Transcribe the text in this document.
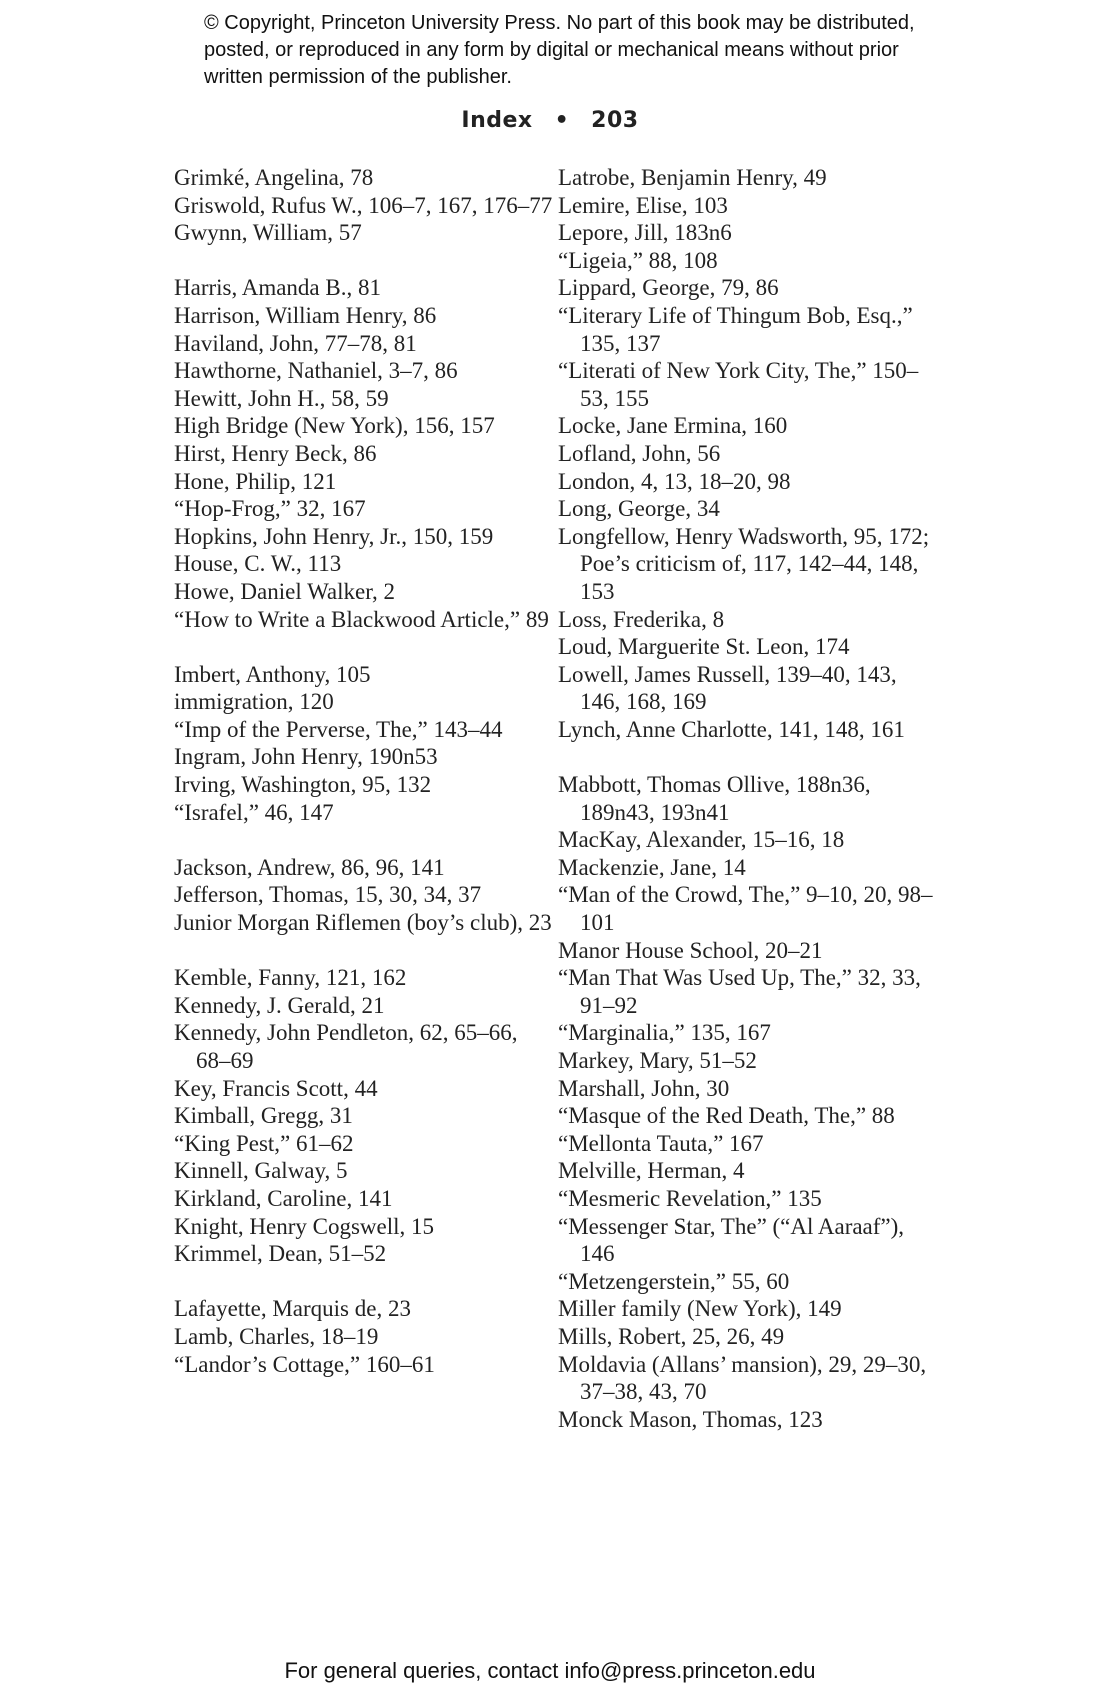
© Copyright, Princeton University Press. No part of this book may be distributed, posted, or reproduced in any form by digital or mechanical means without prior written permission of the publisher.
Index • 203

Grimké, Angelina, 78

Griswold, Rufus W., 106–7, 167, 176–77

Gwynn, William, 57

Harris, Amanda B., 81

Harrison, William Henry, 86

Haviland, John, 77–78, 81

Hawthorne, Nathaniel, 3–7, 86

Hewitt, John H., 58, 59

High Bridge (New York), 156, 157

Hirst, Henry Beck, 86

Hone, Philip, 121

“Hop-Frog,” 32, 167

Hopkins, John Henry, Jr., 150, 159

House, C. W., 113

Howe, Daniel Walker, 2

“How to Write a Blackwood Article,” 89

Imbert, Anthony, 105

immigration, 120

“Imp of the Perverse, The,” 143–44

Ingram, John Henry, 190n53

Irving, Washington, 95, 132

“Israfel,” 46, 147

Jackson, Andrew, 86, 96, 141

Jefferson, Thomas, 15, 30, 34, 37

Junior Morgan Riflemen (boy’s club), 23

Kemble, Fanny, 121, 162

Kennedy, J. Gerald, 21

Kennedy, John Pendleton, 62, 65–66, 68–69

Key, Francis Scott, 44

Kimball, Gregg, 31

“King Pest,” 61–62

Kinnell, Galway, 5

Kirkland, Caroline, 141

Knight, Henry Cogswell, 15

Krimmel, Dean, 51–52

Lafayette, Marquis de, 23

Lamb, Charles, 18–19

“Landor’s Cottage,” 160–61

Latrobe, Benjamin Henry, 49

Lemire, Elise, 103

Lepore, Jill, 183n6

“Ligeia,” 88, 108

Lippard, George, 79, 86

“Literary Life of Thingum Bob, Esq.,” 135, 137

“Literati of New York City, The,” 150–53, 155

Locke, Jane Ermina, 160

Lofland, John, 56

London, 4, 13, 18–20, 98

Long, George, 34

Longfellow, Henry Wadsworth, 95, 172; Poe’s criticism of, 117, 142–44, 148, 153

Loss, Frederika, 8

Loud, Marguerite St. Leon, 174

Lowell, James Russell, 139–40, 143, 146, 168, 169

Lynch, Anne Charlotte, 141, 148, 161

Mabbott, Thomas Ollive, 188n36, 189n43, 193n41

MacKay, Alexander, 15–16, 18

Mackenzie, Jane, 14

“Man of the Crowd, The,” 9–10, 20, 98–101

Manor House School, 20–21

“Man That Was Used Up, The,” 32, 33, 91–92

“Marginalia,” 135, 167

Markey, Mary, 51–52

Marshall, John, 30

“Masque of the Red Death, The,” 88

“Mellonta Tauta,” 167

Melville, Herman, 4

“Mesmeric Revelation,” 135

“Messenger Star, The” (“Al Aaraaf”), 146

“Metzengerstein,” 55, 60

Miller family (New York), 149

Mills, Robert, 25, 26, 49

Moldavia (Allans’ mansion), 29, 29–30, 37–38, 43, 70

Monck Mason, Thomas, 123

For general queries, contact info@press.princeton.edu
